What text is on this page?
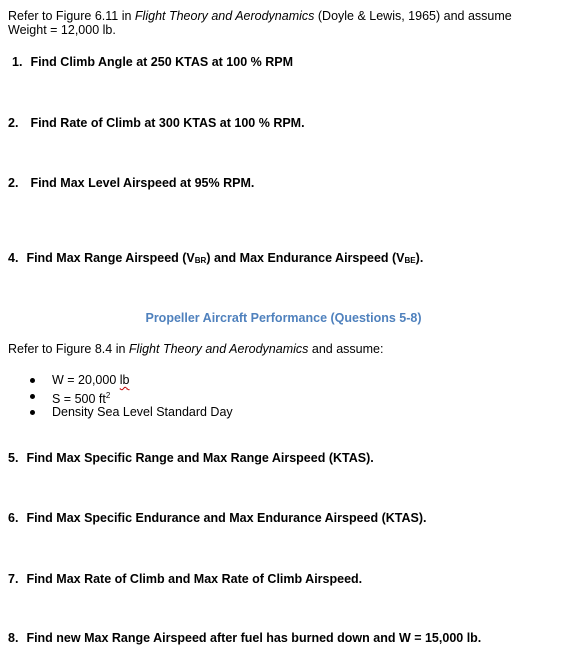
Refer to Figure 6.11 in Flight Theory and Aerodynamics (Doyle & Lewis, 1965) and assume
Weight = 12,000 lb.
1. Find Climb Angle at 250 KTAS at 100 % RPM
2. Find Rate of Climb at 300 KTAS at 100 % RPM.
2. Find Max Level Airspeed at 95% RPM.
4. Find Max Range Airspeed (VBR) and Max Endurance Airspeed (VBE).
Propeller Aircraft Performance (Questions 5-8)
Refer to Figure 8.4 in Flight Theory and Aerodynamics and assume:
W = 20,000 lb
S = 500 $ft^2$
Density Sea Level Standard Day
5. Find Max Specific Range and Max Range Airspeed (KTAS).
6. Find Max Specific Endurance and Max Endurance Airspeed (KTAS).
7. Find Max Rate of Climb and Max Rate of Climb Airspeed.
8. Find new Max Range Airspeed after fuel has burned down and W = 15,000 lb.
